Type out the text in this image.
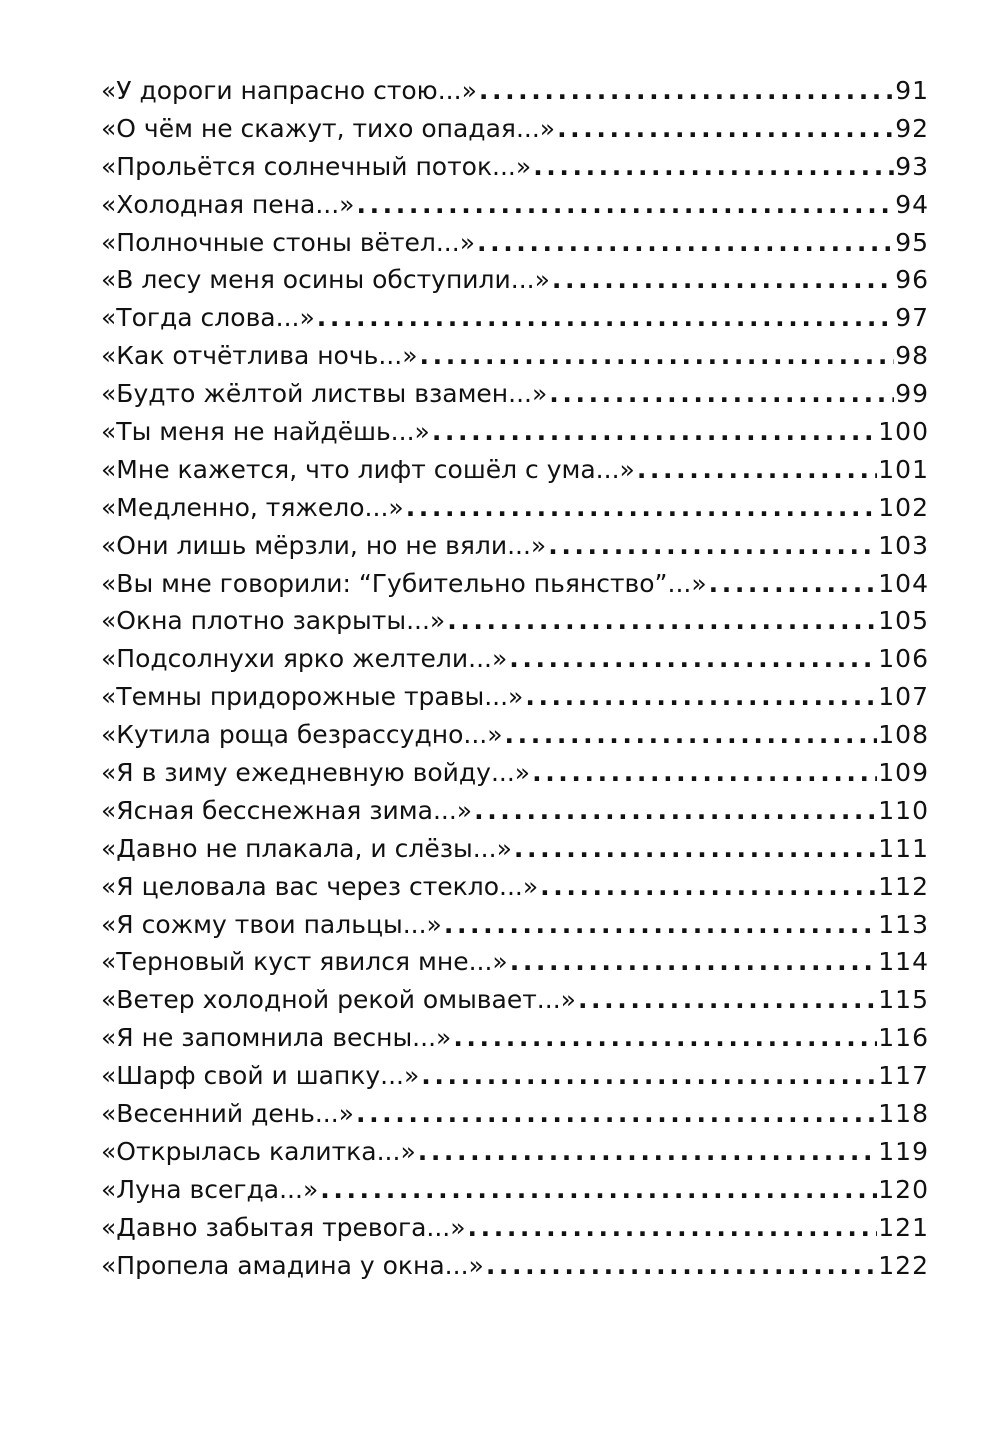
«У дороги напрасно стою...» .....	91
«О чём не скажут, тихо опадая...» .....	92
«Прольётся солнечный поток...» .....	93
«Холодная пена...» .....	94
«Полночные стоны вётел...» .....	95
«В лесу меня осины обступили...» .....	96
«Тогда слова...» .....	97
«Как отчётлива ночь...» .....	98
«Будто жёлтой листвы взамен...» .....	99
«Ты меня не найдёшь...» .....	100
«Мне кажется, что лифт сошёл с ума...» .....	101
«Медленно, тяжело...» .....	102
«Они лишь мёрзли, но не вяли...» .....	103
«Вы мне говорили: “Губительно пьянство”...» .....	104
«Окна плотно закрыты...» .....	105
«Подсолнухи ярко желтели...» .....	106
«Темны придорожные травы...» .....	107
«Кутила роща безрассудно...» .....	108
«Я в зиму ежедневную войду...» .....	109
«Ясная бесснежная зима...» .....	110
«Давно не плакала, и слёзы...» .....	111
«Я целовала вас через стекло...» .....	112
«Я сожму твои пальцы...» .....	113
«Терновый куст явился мне...» .....	114
«Ветер холодной рекой омывает...» .....	115
«Я не запомнила весны...» .....	116
«Шарф свой и шапку...» .....	117
«Весенний день...» .....	118
«Открылась калитка...» .....	119
«Луна всегда...» .....	120
«Давно забытая тревога...» .....	121
«Пропела амадина у окна...» .....	122
